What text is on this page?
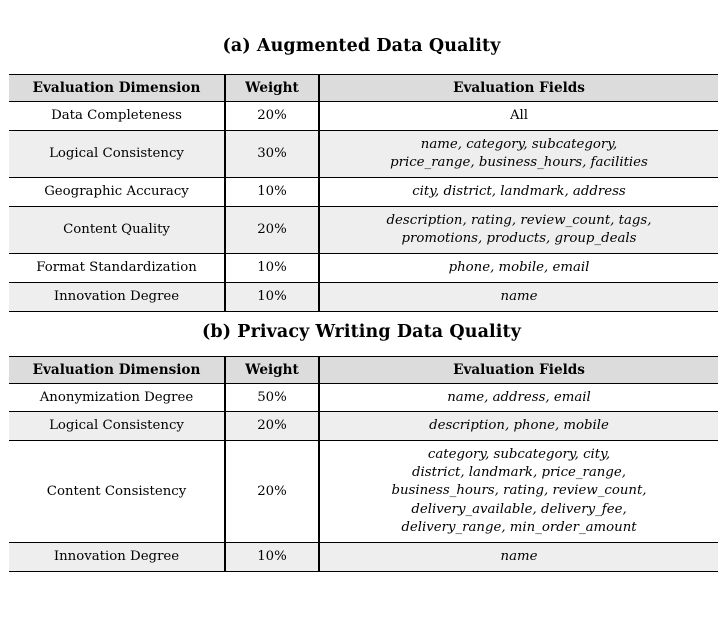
(a) Augmented Data Quality
Evaluation Dimension	Weight	Evaluation Fields

Data Completeness	20%	All

Logical Consistency	30%	name, category, subcategory,
price_range, business_hours, facilities

Geographic Accuracy	10%	city, district, landmark, address

Content Quality	20%	description, rating, review_count, tags,
promotions, products, group_deals

Format Standardization	10%	phone, mobile, email

Innovation Degree	10%	name
(b) Privacy Writing Data Quality
Evaluation Dimension	Weight	Evaluation Fields

Anonymization Degree	50%	name, address, email

Logical Consistency	20%	description, phone, mobile

Content Consistency	20%	category, subcategory, city,
district, landmark, price_range,
business_hours, rating, review_count,
delivery_available, delivery_fee,
delivery_range, min_order_amount

Innovation Degree	10%	name
